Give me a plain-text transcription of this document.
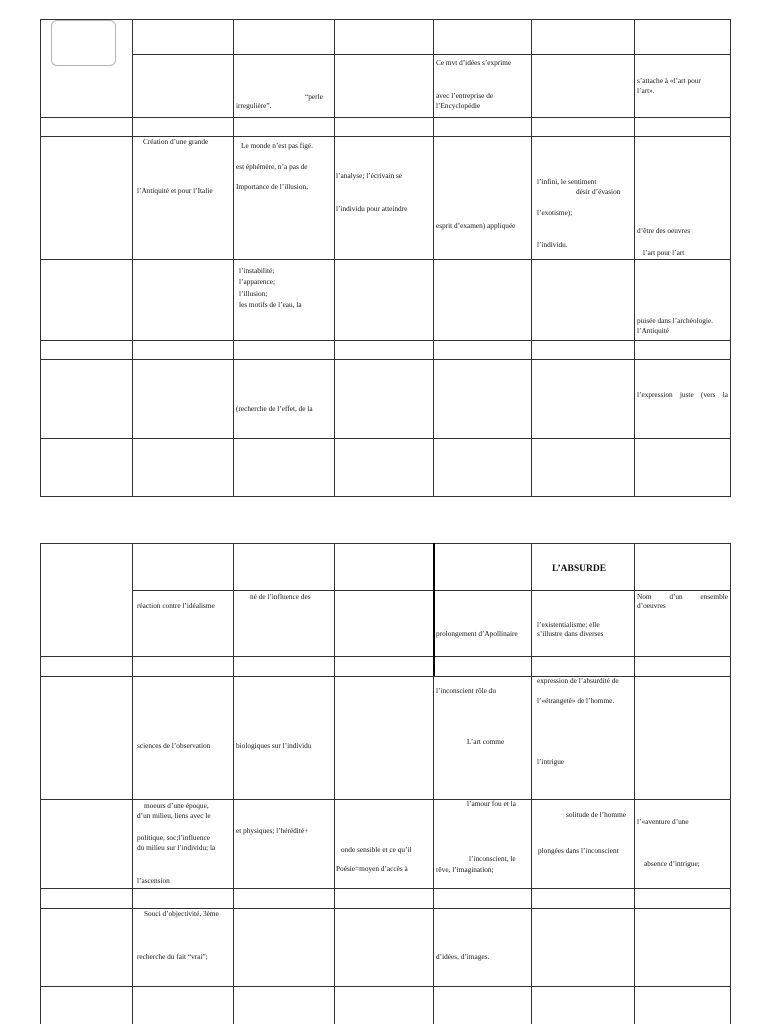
“perle
irregulière”.
Ce mvt d’idées s’exprime
avec l’entreprise de
l’Encyclopédie
s’attache à «l’art pour
l’art».
Création d’une grande
l’Antiquité et pour l’Italie
Le monde n’est pas figé.
est éphémère, n’a pas de
Importance de l’illusion,
l’analyse; l’écrivain se
l’individu pour atteindre
esprit d’examen) appliquée
l’infini, le sentiment
désir d’évasion
l’exotisme);
l’individu.
d’être des oeuvres
l’art pour l’art
l’instabilité;
l’apparence;
l’illusion;
les motifs de l’eau, la
puisée dans l’archéologie.
l’Antiquité
(recherche de l’effet, de la
l’expression juste (vers la
L’ABSURDE
réaction contre l’idéalisme
né de l’influence des
prolongement d’Apollinaire
l’existentialisme; elle
s’illustre dans diverses
Nom d’un ensemble
d’oeuvres
sciences de l’observation	biologiques sur l’individu
l’inconscient rôle du
L’art comme
expression de l’absurdité de
l’«étrangeté» de l’homme.
l’intrigue
moeurs d’une époque,
d’un milieu, liens avec le
politique, soc;l’influence
du milieu sur l’individu; la
l’ascension
et physiques; l’hérédité+
onde sensible et ce qu’il
Poésie=moyen d’accès à
l’amour fou et la
l’inconscient, le
rêve, l’imagination;
solitude de l’homme
plongées dans l’inconscient
l’«aventure d’une
absence d’intrigue;
Souci d’objectivité, 3ème
recherche du fait “vrai”;	d’idées, d’images.
